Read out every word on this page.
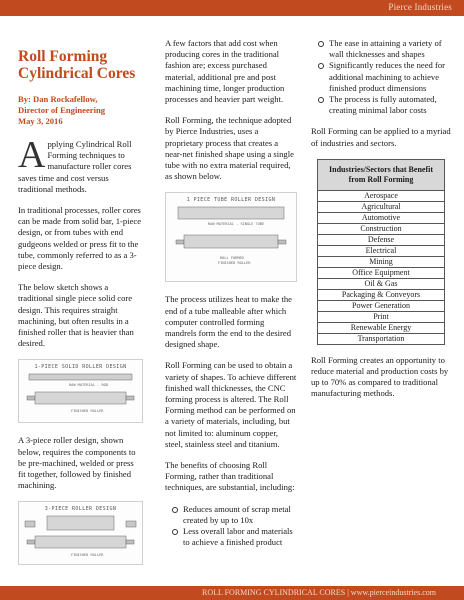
Pierce Industries
Roll Forming Cylindrical Cores
By: Dan Rockafellow,
Director of Engineering
May 3, 2016

Applying Cylindrical Roll Forming techniques to manufacture roller cores saves time and cost versus traditional methods.

In traditional processes, roller cores can be made from solid bar, 1-piece design, or from tubes with end gudgeons welded or press fit to the tube, commonly referred to as a 3-piece design.

The below sketch shows a traditional single piece solid core design. This requires straight machining, but often results in a finished roller that is heavier than desired.

1-PIECE SOLID ROLLER DESIGN
RAW MATERIAL - ROD
FINISHED ROLLER

A 3-piece roller design, shown below, requires the components to be pre-machined, welded or press fit together, followed by finished machining.

3-PIECE ROLLER DESIGN
FINISHED ROLLER

A few factors that add cost when producing cores in the traditional fashion are; excess purchased material, additional pre and post machining time, longer production processes and heavier part weight.

Roll Forming, the technique adopted by Pierce Industries, uses a proprietary process that creates a near-net finished shape using a single tube with no extra material required, as shown below.

1 PIECE TUBE ROLLER DESIGN
RAW MATERIAL - SINGLE TUBE
ROLL FORMED
FINISHED ROLLER

The process utilizes heat to make the end of a tube malleable after which computer controlled forming mandrels form the end to the desired designed shape.

Roll Forming can be used to obtain a variety of shapes. To achieve different finished wall thicknesses, the CNC forming process is altered. The Roll Forming method can be performed on a variety of materials, including, but not limited to: aluminum copper, steel, stainless steel and titanium.

The benefits of choosing Roll Forming, rather than traditional techniques, are substantial, including:

Reduces amount of scrap metal created by up to 10x
Less overall labor and materials to achieve a finished product
The ease in attaining a variety of wall thicknesses and shapes
Significantly reduces the need for additional machining to achieve finished product dimensions
The process is fully automated, creating minimal labor costs

Roll Forming can be applied to a myriad of industries and sectors.

Industries/Sectors that Benefit from Roll Forming
Aerospace
Agricultural
Automotive
Construction
Defense
Electrical
Mining
Office Equipment
Oil & Gas
Packaging & Conveyors
Power Generation
Print
Renewable Energy
Transportation

Roll Forming creates an opportunity to reduce material and production costs by up to 70% as compared to traditional manufacturing methods.

ROLL FORMING CYLINDRICAL CORES | www.pierceindustries.com
